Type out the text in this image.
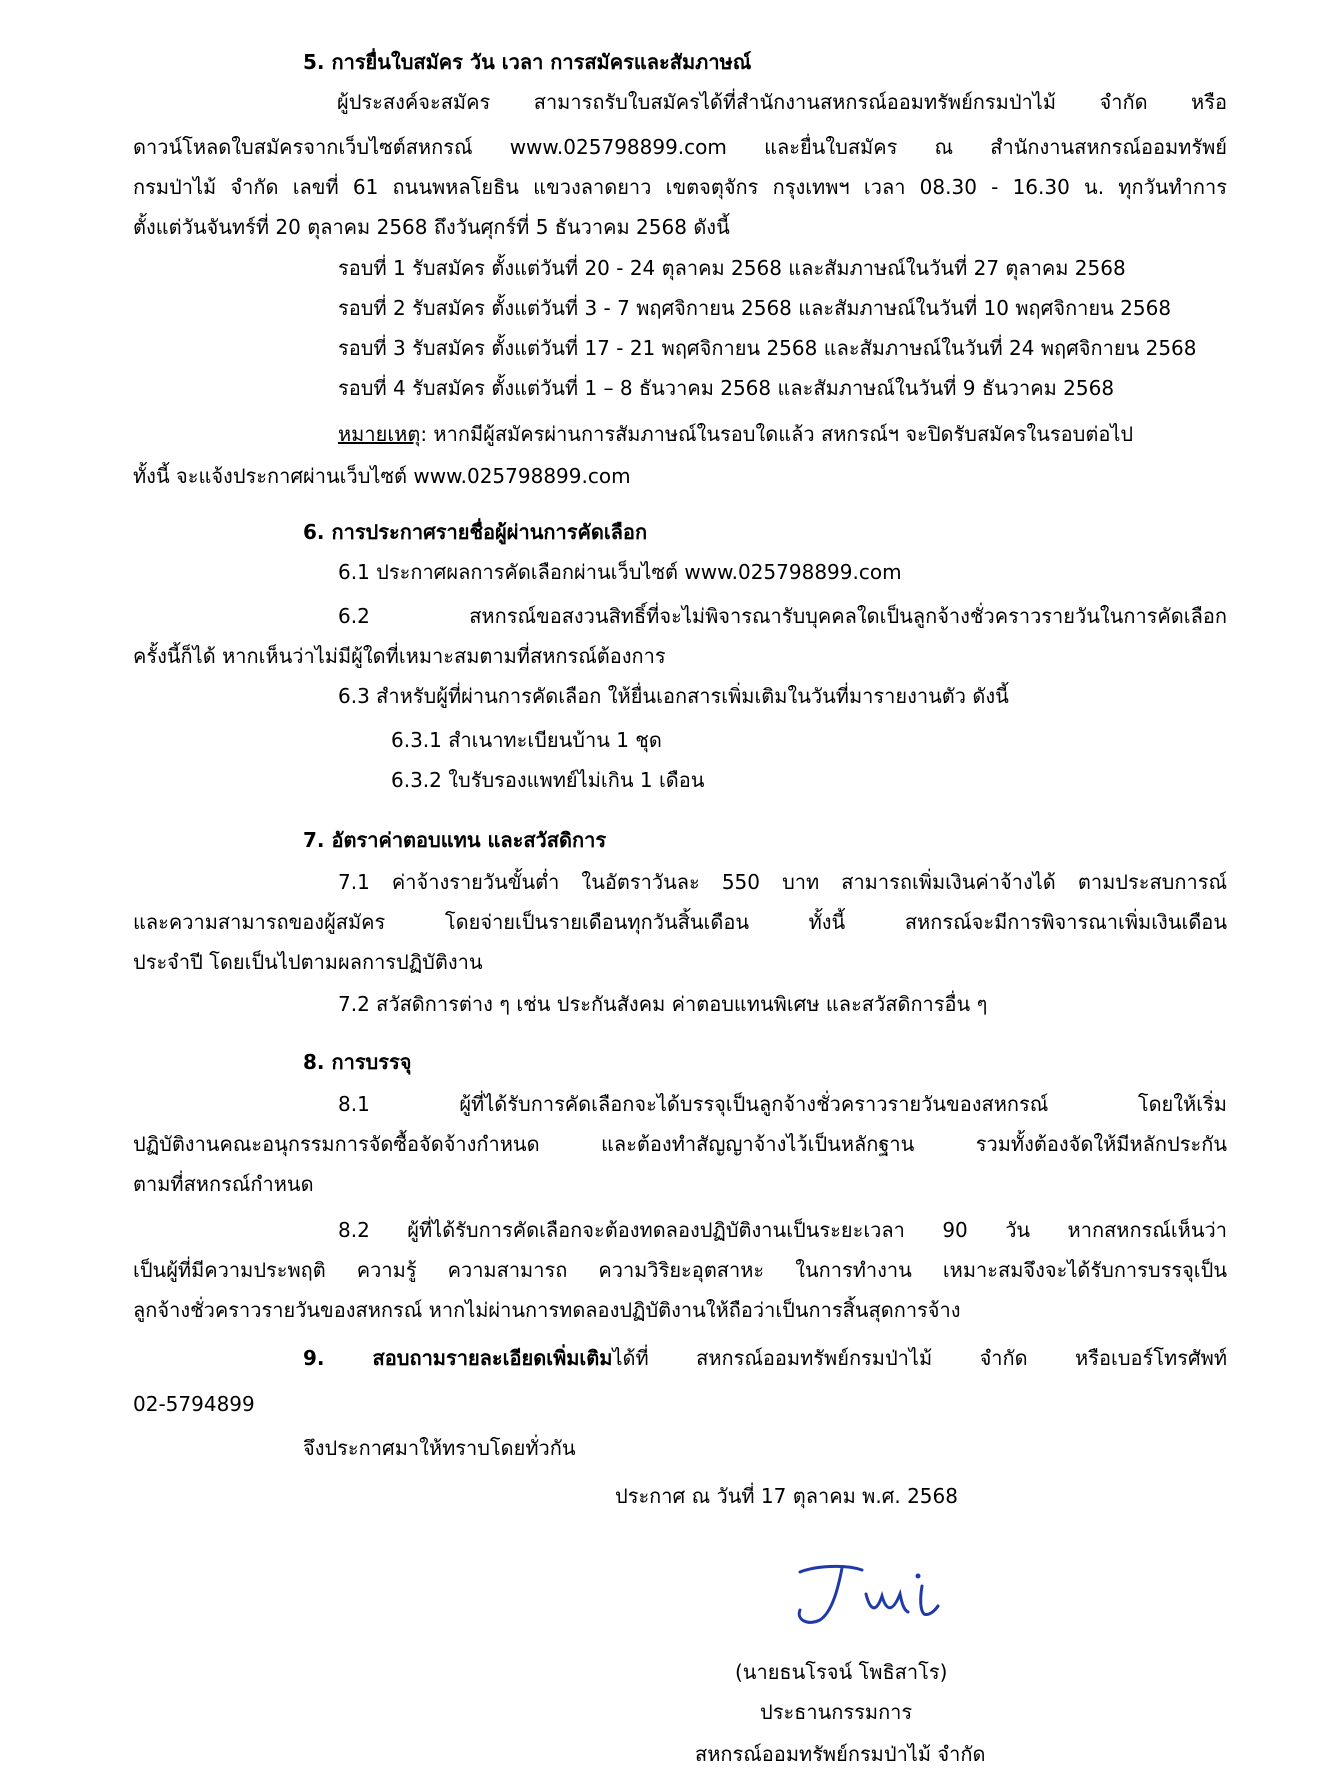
5. การยื่นใบสมัคร วัน เวลา การสมัครและสัมภาษณ์
ผู้ประสงค์จะสมัคร สามารถรับใบสมัครได้ที่สำนักงานสหกรณ์ออมทรัพย์กรมป่าไม้ จำกัด หรือ
ดาวน์โหลดใบสมัครจากเว็บไซต์สหกรณ์ www.025798899.com และยื่นใบสมัคร ณ สำนักงานสหกรณ์ออมทรัพย์
กรมป่าไม้ จำกัด เลขที่ 61 ถนนพหลโยธิน แขวงลาดยาว เขตจตุจักร กรุงเทพฯ เวลา 08.30 - 16.30 น. ทุกวันทำการ
ตั้งแต่วันจันทร์ที่ 20 ตุลาคม 2568 ถึงวันศุกร์ที่ 5 ธันวาคม 2568 ดังนี้
รอบที่ 1 รับสมัคร ตั้งแต่วันที่ 20 - 24 ตุลาคม 2568 และสัมภาษณ์ในวันที่ 27 ตุลาคม 2568
รอบที่ 2 รับสมัคร ตั้งแต่วันที่ 3 - 7 พฤศจิกายน 2568 และสัมภาษณ์ในวันที่ 10 พฤศจิกายน 2568
รอบที่ 3 รับสมัคร ตั้งแต่วันที่ 17 - 21 พฤศจิกายน 2568 และสัมภาษณ์ในวันที่ 24 พฤศจิกายน 2568
รอบที่ 4 รับสมัคร ตั้งแต่วันที่ 1 – 8 ธันวาคม 2568 และสัมภาษณ์ในวันที่ 9 ธันวาคม 2568
หมายเหตุ: หากมีผู้สมัครผ่านการสัมภาษณ์ในรอบใดแล้ว สหกรณ์ฯ จะปิดรับสมัครในรอบต่อไป
ทั้งนี้ จะแจ้งประกาศผ่านเว็บไซต์ www.025798899.com
6. การประกาศรายชื่อผู้ผ่านการคัดเลือก
6.1 ประกาศผลการคัดเลือกผ่านเว็บไซต์ www.025798899.com
6.2 สหกรณ์ขอสงวนสิทธิ์ที่จะไม่พิจารณารับบุคคลใดเป็นลูกจ้างชั่วคราวรายวันในการคัดเลือก
ครั้งนี้ก็ได้ หากเห็นว่าไม่มีผู้ใดที่เหมาะสมตามที่สหกรณ์ต้องการ
6.3 สำหรับผู้ที่ผ่านการคัดเลือก ให้ยื่นเอกสารเพิ่มเติมในวันที่มารายงานตัว ดังนี้
6.3.1 สำเนาทะเบียนบ้าน 1 ชุด
6.3.2 ใบรับรองแพทย์ไม่เกิน 1 เดือน
7. อัตราค่าตอบแทน และสวัสดิการ
7.1 ค่าจ้างรายวันขั้นต่ำ ในอัตราวันละ 550 บาท สามารถเพิ่มเงินค่าจ้างได้ ตามประสบการณ์
และความสามารถของผู้สมัคร โดยจ่ายเป็นรายเดือนทุกวันสิ้นเดือน ทั้งนี้ สหกรณ์จะมีการพิจารณาเพิ่มเงินเดือน
ประจำปี โดยเป็นไปตามผลการปฏิบัติงาน
7.2 สวัสดิการต่าง ๆ เช่น ประกันสังคม ค่าตอบแทนพิเศษ และสวัสดิการอื่น ๆ
8. การบรรจุ
8.1 ผู้ที่ได้รับการคัดเลือกจะได้บรรจุเป็นลูกจ้างชั่วคราวรายวันของสหกรณ์ โดยให้เริ่ม
ปฏิบัติงานคณะอนุกรรมการจัดซื้อจัดจ้างกำหนด และต้องทำสัญญาจ้างไว้เป็นหลักฐาน รวมทั้งต้องจัดให้มีหลักประกัน
ตามที่สหกรณ์กำหนด
8.2 ผู้ที่ได้รับการคัดเลือกจะต้องทดลองปฏิบัติงานเป็นระยะเวลา 90 วัน หากสหกรณ์เห็นว่า
เป็นผู้ที่มีความประพฤติ ความรู้ ความสามารถ ความวิริยะอุตสาหะ ในการทำงาน เหมาะสมจึงจะได้รับการบรรจุเป็น
ลูกจ้างชั่วคราวรายวันของสหกรณ์ หากไม่ผ่านการทดลองปฏิบัติงานให้ถือว่าเป็นการสิ้นสุดการจ้าง
9. สอบถามรายละเอียดเพิ่มเติมได้ที่ สหกรณ์ออมทรัพย์กรมป่าไม้ จำกัด หรือเบอร์โทรศัพท์
02-5794899
จึงประกาศมาให้ทราบโดยทั่วกัน
ประกาศ ณ วันที่ 17 ตุลาคม พ.ศ. 2568
(นายธนโรจน์ โพธิสาโร)
ประธานกรรมการ
สหกรณ์ออมทรัพย์กรมป่าไม้ จำกัด
